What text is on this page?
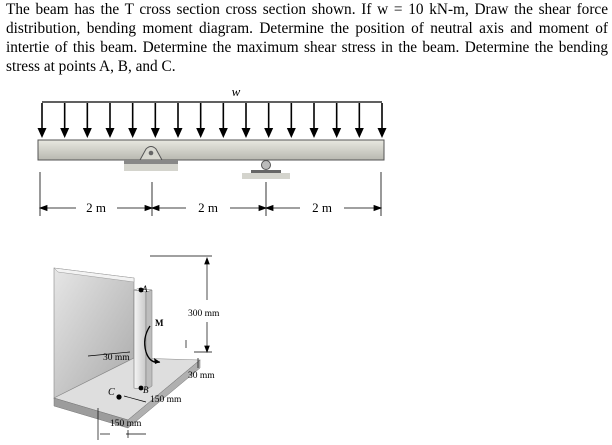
The beam has the T cross section cross section shown. If w = 10 kN-m, Draw the shear force distribution, bending moment diagram. Determine the position of neutral axis and moment of intertie of this beam. Determine the maximum shear stress in the beam. Determine the bending stress at points A, B, and C.

w
2 m	2 m	2 m
A
M
B
C
300 mm
30 mm
30 mm
150 mm
150 mm
